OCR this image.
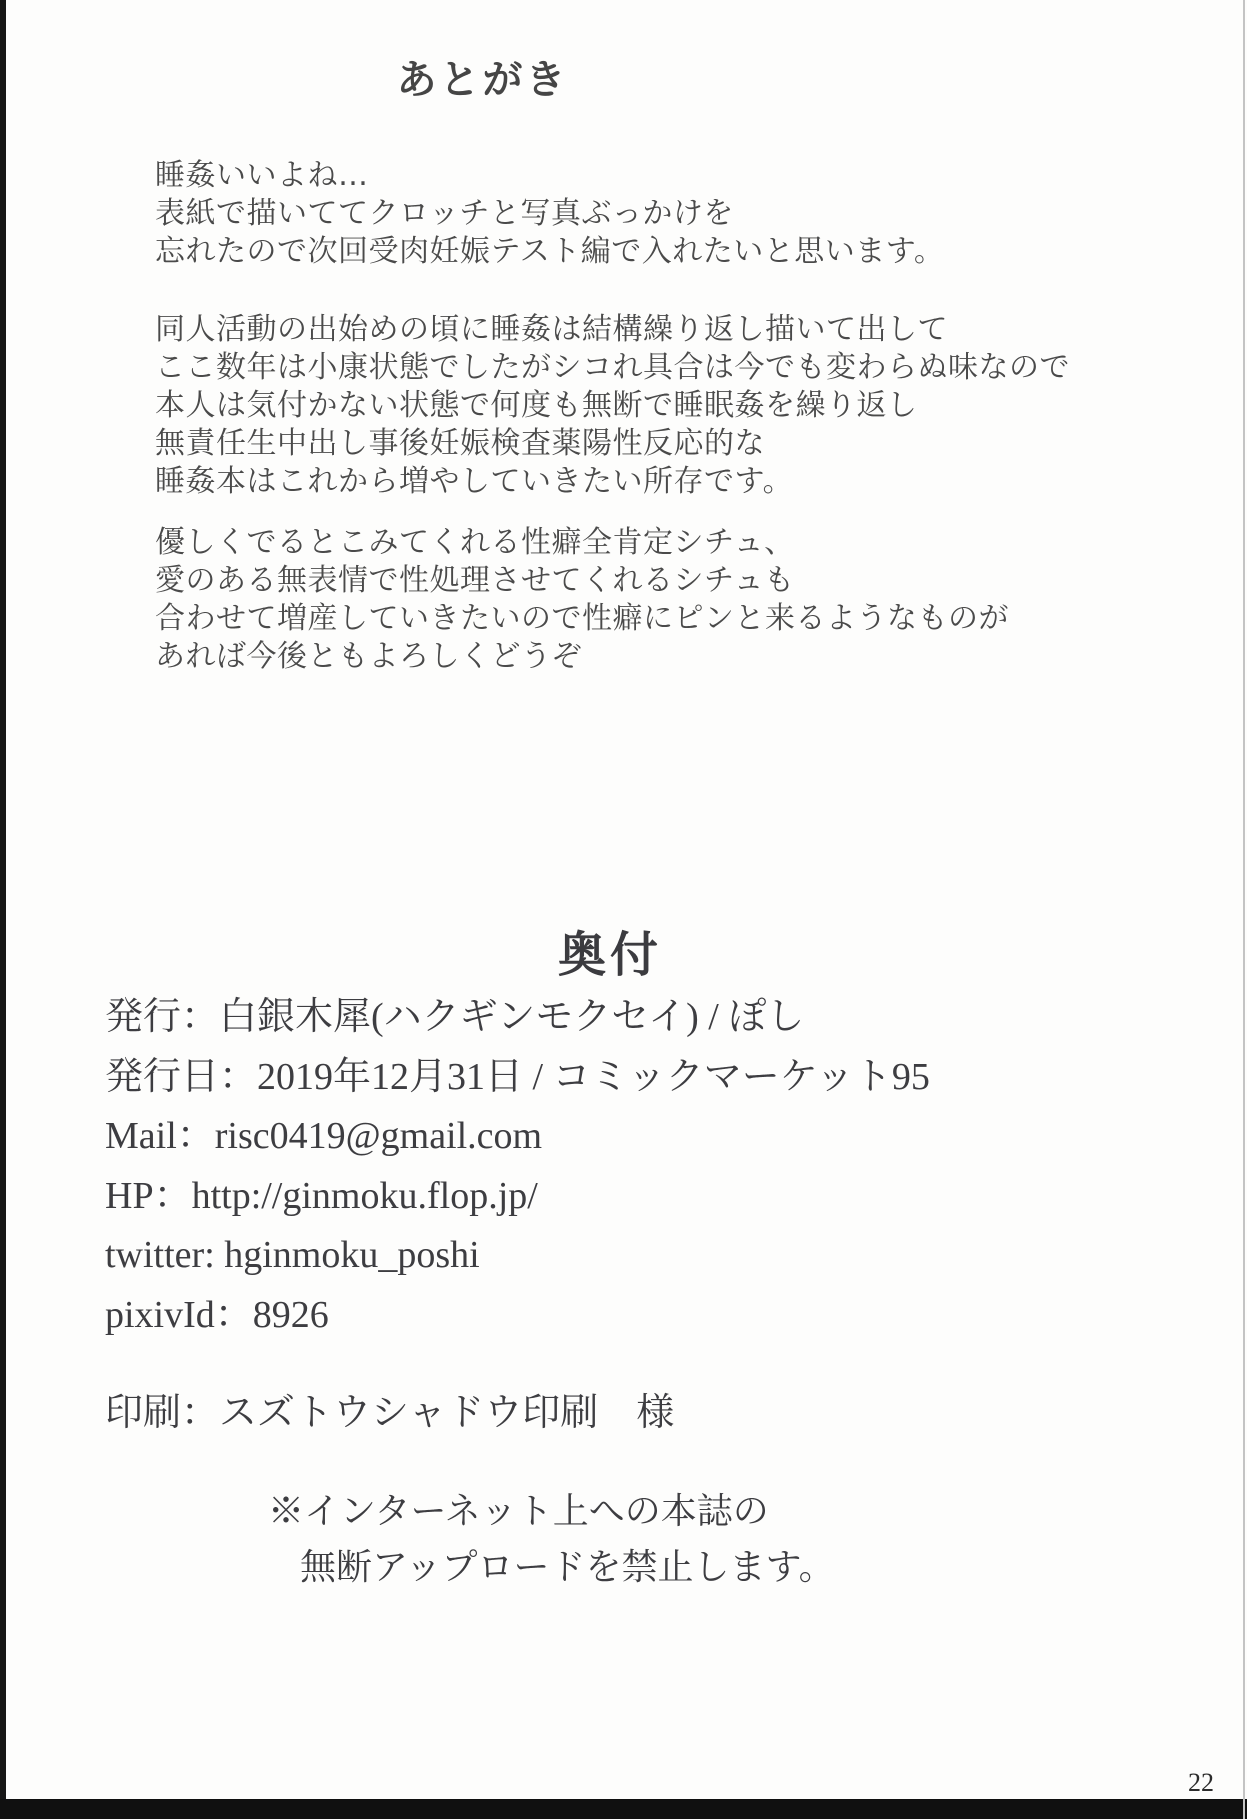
あとがき
睡姦いいよね…
表紙で描いててクロッチと写真ぶっかけを
忘れたので次回受肉妊娠テスト編で入れたいと思います。
同人活動の出始めの頃に睡姦は結構繰り返し描いて出して
ここ数年は小康状態でしたがシコれ具合は今でも変わらぬ味なので
本人は気付かない状態で何度も無断で睡眠姦を繰り返し
無責任生中出し事後妊娠検査薬陽性反応的な
睡姦本はこれから増やしていきたい所存です。
優しくでるとこみてくれる性癖全肯定シチュ、
愛のある無表情で性処理させてくれるシチュも
合わせて増産していきたいので性癖にピンと来るようなものが
あれば今後ともよろしくどうぞ
奥付
発行：白銀木犀(ハクギンモクセイ) / ぽし
発行日：2019年12月31日 / コミックマーケット95
Mail：risc0419@gmail.com
HP：http://ginmoku.flop.jp/
twitter: hginmoku_poshi
pixivId：8926
印刷：スズトウシャドウ印刷　様
※インターネット上への本誌の
無断アップロードを禁止します。
22
